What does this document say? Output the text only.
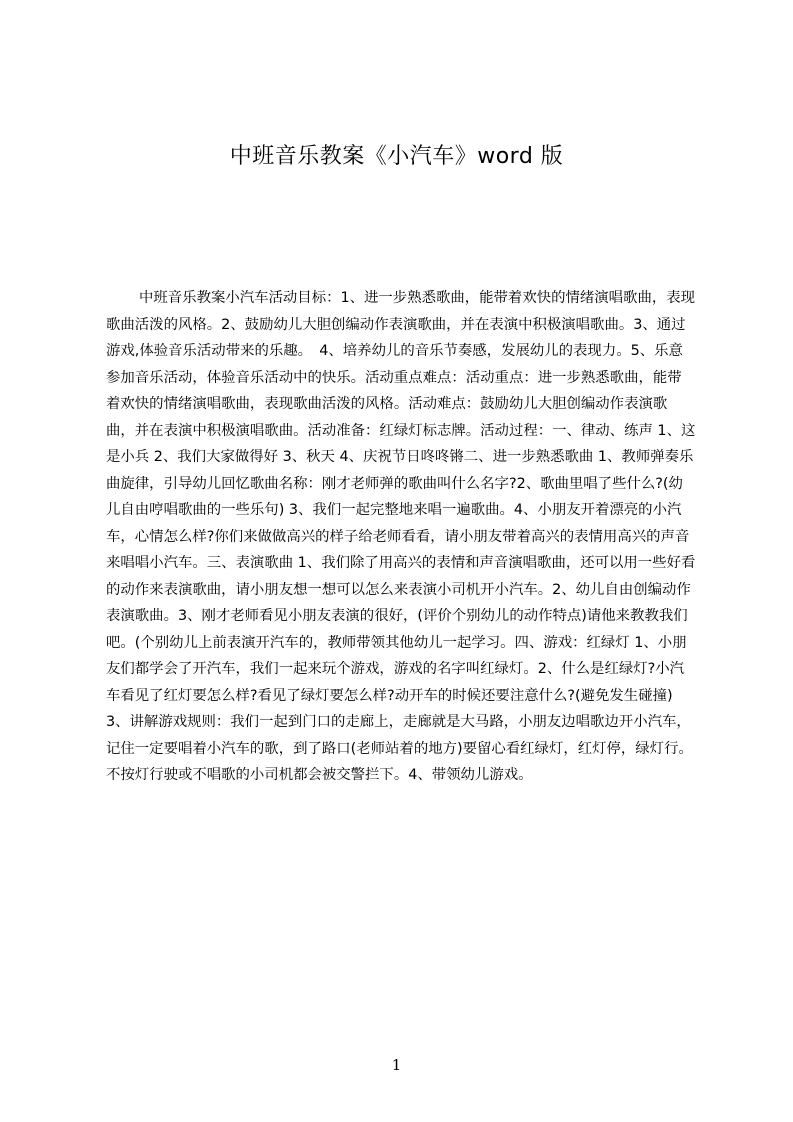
中班音乐教案《小汽车》word 版

中班音乐教案小汽车活动目标：1、进一步熟悉歌曲，能带着欢快的情绪演唱歌曲，表现歌曲活泼的风格。2、鼓励幼儿大胆创编动作表演歌曲，并在表演中积极演唱歌曲。3、通过游戏,体验音乐活动带来的乐趣。　4、培养幼儿的音乐节奏感，发展幼儿的表现力。5、乐意参加音乐活动，体验音乐活动中的快乐。活动重点难点：活动重点：进一步熟悉歌曲，能带着欢快的情绪演唱歌曲，表现歌曲活泼的风格。活动难点：鼓励幼儿大胆创编动作表演歌曲，并在表演中积极演唱歌曲。活动准备：红绿灯标志牌。活动过程：一、律动、练声 1、这是小兵 2、我们大家做得好 3、秋天 4、庆祝节日咚咚锵二、进一步熟悉歌曲 1、教师弹奏乐曲旋律，引导幼儿回忆歌曲名称：刚才老师弹的歌曲叫什么名字?2、歌曲里唱了些什么?(幼儿自由哼唱歌曲的一些乐句) 3、我们一起完整地来唱一遍歌曲。4、小朋友开着漂亮的小汽车，心情怎么样?你们来做做高兴的样子给老师看看，请小朋友带着高兴的表情用高兴的声音来唱唱小汽车。三、表演歌曲 1、我们除了用高兴的表情和声音演唱歌曲，还可以用一些好看的动作来表演歌曲，请小朋友想一想可以怎么来表演小司机开小汽车。2、幼儿自由创编动作表演歌曲。3、刚才老师看见小朋友表演的很好，(评价个别幼儿的动作特点)请他来教教我们吧。(个别幼儿上前表演开汽车的，教师带领其他幼儿一起学习。四、游戏：红绿灯 1、小朋友们都学会了开汽车，我们一起来玩个游戏，游戏的名字叫红绿灯。2、什么是红绿灯?小汽车看见了红灯要怎么样?看见了绿灯要怎么样?动开车的时候还要注意什么?(避免发生碰撞)3、讲解游戏规则：我们一起到门口的走廊上，走廊就是大马路，小朋友边唱歌边开小汽车，记住一定要唱着小汽车的歌，到了路口(老师站着的地方)要留心看红绿灯，红灯停，绿灯行。不按灯行驶或不唱歌的小司机都会被交警拦下。4、带领幼儿游戏。

1
